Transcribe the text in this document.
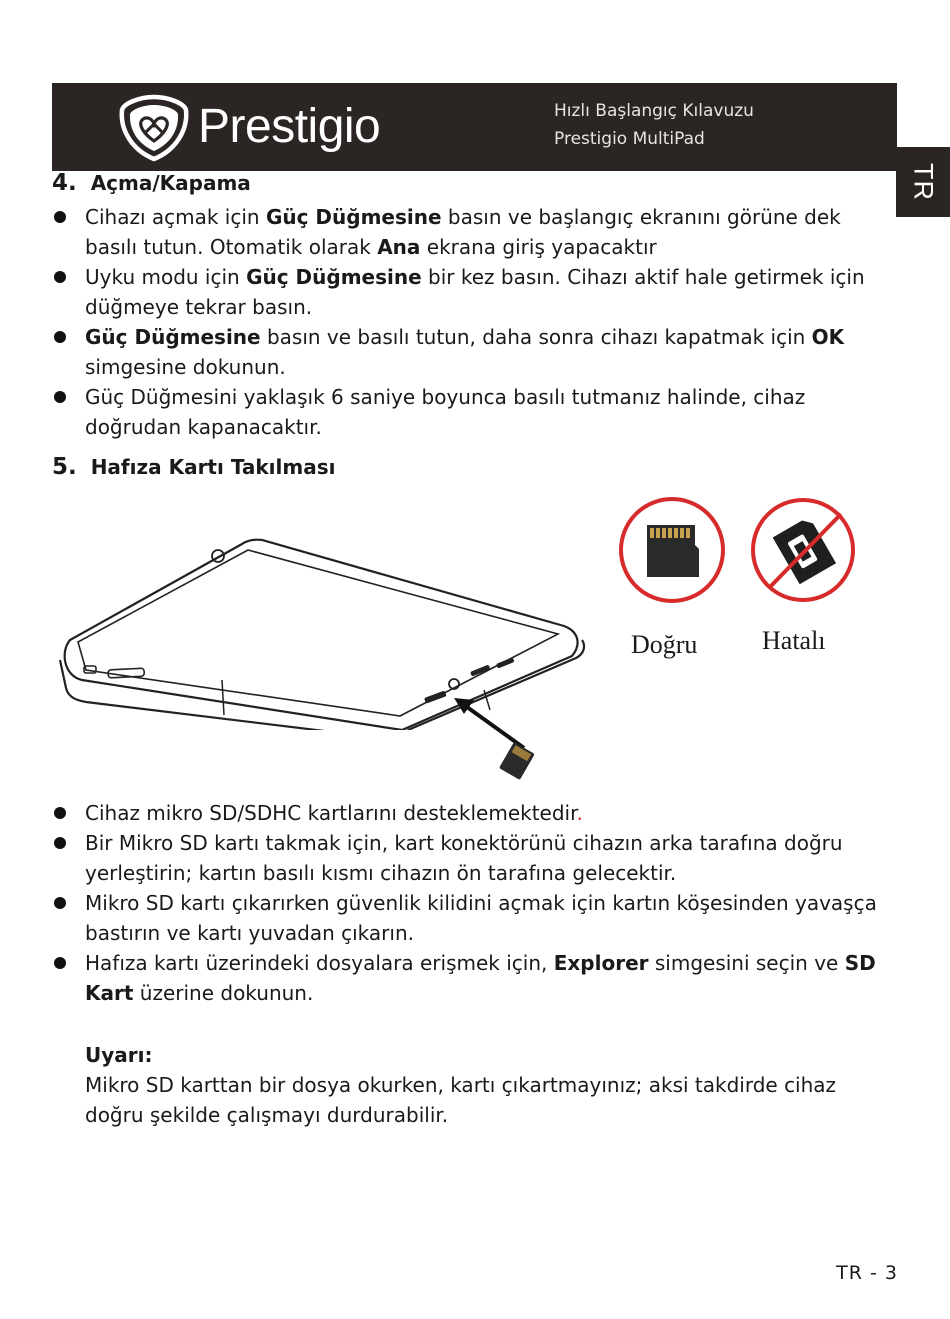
Prestigio	Hızlı Başlangıç Kılavuzu
Prestigio MultiPad
TR
4. Açma/Kapama
Cihazı açmak için Güç Düğmesine basın ve başlangıç ekranını görüne dek basılı tutun. Otomatik olarak Ana ekrana giriş yapacaktır
Uyku modu için Güç Düğmesine bir kez basın. Cihazı aktif hale getirmek için düğmeye tekrar basın.
Güç Düğmesine basın ve basılı tutun, daha sonra cihazı kapatmak için OK simgesine dokunun.
Güç Düğmesini yaklaşık 6 saniye boyunca basılı tutmanız halinde, cihaz doğrudan kapanacaktır.
5. Hafıza Kartı Takılması
Doğru Hatalı
Cihaz mikro SD/SDHC kartlarını desteklemektedir.
Bir Mikro SD kartı takmak için, kart konektörünü cihazın arka tarafına doğru yerleştirin; kartın basılı kısmı cihazın ön tarafına gelecektir.
Mikro SD kartı çıkarırken güvenlik kilidini açmak için kartın köşesinden yavaşça bastırın ve kartı yuvadan çıkarın.
Hafıza kartı üzerindeki dosyalara erişmek için, Explorer simgesini seçin ve SD Kart üzerine dokunun.
Uyarı:
Mikro SD karttan bir dosya okurken, kartı çıkartmayınız; aksi takdirde cihaz doğru şekilde çalışmayı durdurabilir.
TR - 3
